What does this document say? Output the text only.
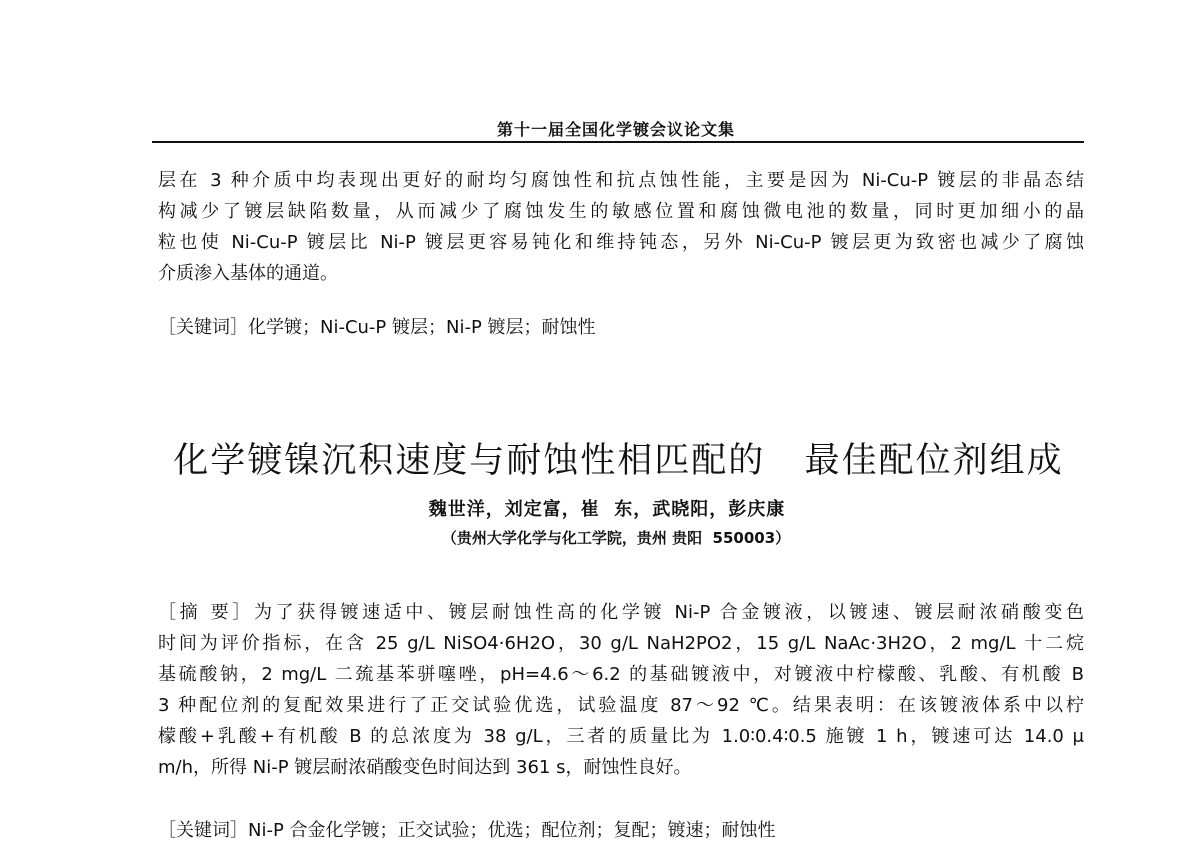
第十一届全国化学镀会议论文集
层在 3 种介质中均表现出更好的耐均匀腐蚀性和抗点蚀性能，主要是因为 Ni-Cu-P 镀层的非晶态结
构减少了镀层缺陷数量，从而减少了腐蚀发生的敏感位置和腐蚀微电池的数量，同时更加细小的晶
粒也使 Ni-Cu-P 镀层比 Ni-P 镀层更容易钝化和维持钝态，另外 Ni-Cu-P 镀层更为致密也减少了腐蚀
介质渗入基体的通道。
［关键词］化学镀；Ni-Cu-P 镀层；Ni-P 镀层；耐蚀性
化学镀镍沉积速度与耐蚀性相匹配的   最佳配位剂组成
魏世洋，刘定富，崔  东，武晓阳，彭庆康
（贵州大学化学与化工学院，贵州 贵阳  550003）
［摘 要］为了获得镀速适中、镀层耐蚀性高的化学镀 Ni-P 合金镀液，以镀速、镀层耐浓硝酸变色
时间为评价指标，在含 25 g/L NiSO4·6H2O，30 g/L NaH2PO2，15 g/L NaAc·3H2O，2 mg/L 十二烷
基硫酸钠，2 mg/L 二巯基苯骈噻唑，pH=4.6～6.2 的基础镀液中，对镀液中柠檬酸、乳酸、有机酸 B
3 种配位剂的复配效果进行了正交试验优选，试验温度 87～92 ℃。结果表明：在该镀液体系中以柠
檬酸+乳酸+有机酸 B 的总浓度为 38 g/L，三者的质量比为 1.0∶0.4∶0.5 施镀 1 h，镀速可达 14.0 μ
m/h，所得 Ni-P 镀层耐浓硝酸变色时间达到 361 s，耐蚀性良好。
［关键词］Ni-P 合金化学镀；正交试验；优选；配位剂；复配；镀速；耐蚀性
